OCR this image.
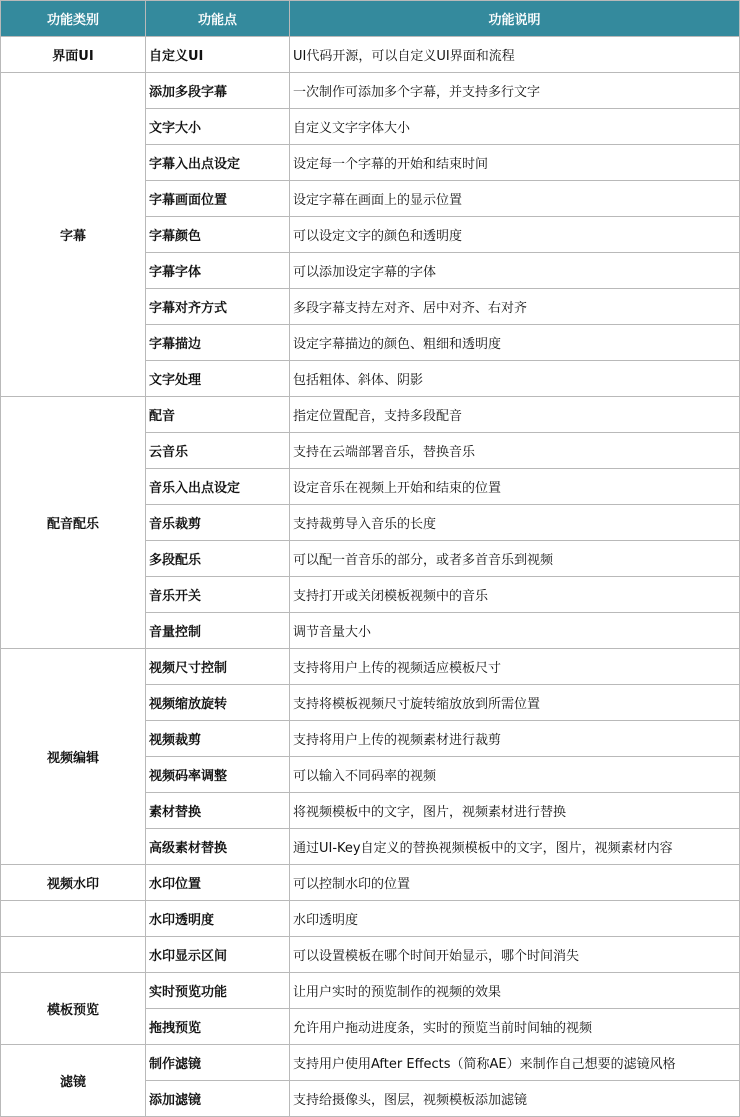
功能类别	功能点	功能说明
界面UI	自定义UI	UI代码开源，可以自定义UI界面和流程
字幕	添加多段字幕	一次制作可添加多个字幕，并支持多行文字
	文字大小	自定义文字字体大小
	字幕入出点设定	设定每一个字幕的开始和结束时间
	字幕画面位置	设定字幕在画面上的显示位置
	字幕颜色	可以设定文字的颜色和透明度
	字幕字体	可以添加设定字幕的字体
	字幕对齐方式	多段字幕支持左对齐、居中对齐、右对齐
	字幕描边	设定字幕描边的颜色、粗细和透明度
	文字处理	包括粗体、斜体、阴影
配音配乐	配音	指定位置配音，支持多段配音
	云音乐	支持在云端部署音乐，替换音乐
	音乐入出点设定	设定音乐在视频上开始和结束的位置
	音乐裁剪	支持裁剪导入音乐的长度
	多段配乐	可以配一首音乐的部分，或者多首音乐到视频
	音乐开关	支持打开或关闭模板视频中的音乐
	音量控制	调节音量大小
视频编辑	视频尺寸控制	支持将用户上传的视频适应模板尺寸
	视频缩放旋转	支持将模板视频尺寸旋转缩放放到所需位置
	视频裁剪	支持将用户上传的视频素材进行裁剪
	视频码率调整	可以输入不同码率的视频
	素材替换	将视频模板中的文字，图片，视频素材进行替换
	高级素材替换	通过UI-Key自定义的替换视频模板中的文字，图片，视频素材内容
视频水印	水印位置	可以控制水印的位置
	水印透明度	水印透明度
	水印显示区间	可以设置模板在哪个时间开始显示，哪个时间消失
模板预览	实时预览功能	让用户实时的预览制作的视频的效果
	拖拽预览	允许用户拖动进度条，实时的预览当前时间轴的视频
滤镜	制作滤镜	支持用户使用After Effects（简称AE）来制作自己想要的滤镜风格
	添加滤镜	支持给摄像头，图层，视频模板添加滤镜
